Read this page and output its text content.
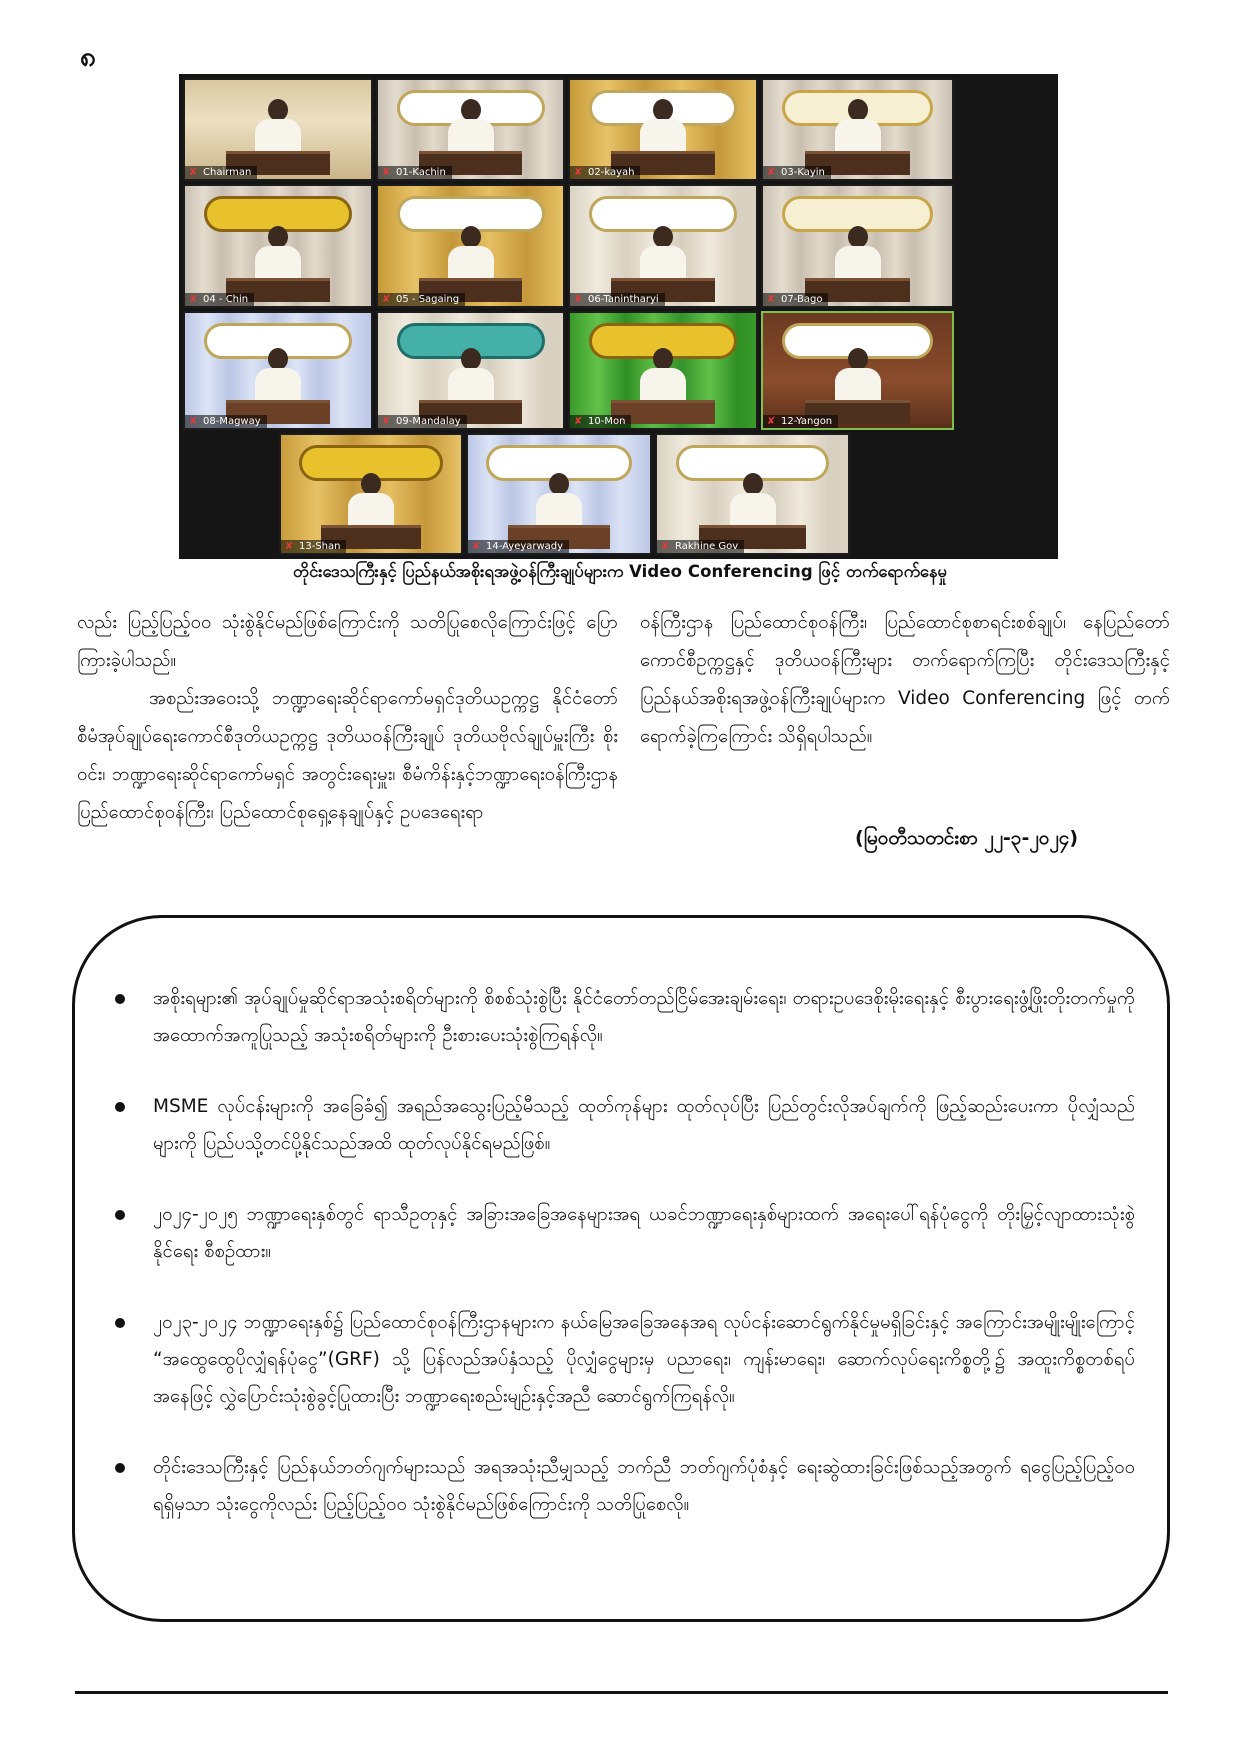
၈
✘ Chairman	✘ 01-Kachin	✘ 02-kayah	✘ 03-Kayin
✘ 04 - Chin	✘ 05 - Sagaing	✘ 06-Tanintharyi	✘ 07-Bago
✘ 08-Magway	✘ 09-Mandalay	✘ 10-Mon	✘ 12-Yangon
✘ 13-Shan	✘ 14-Ayeyarwady	✘ Rakhine Gov
တိုင်းဒေသကြီးနှင့် ပြည်နယ်အစိုးရအဖွဲ့ဝန်ကြီးချုပ်များက Video Conferencing ဖြင့် တက်ရောက်နေမှု

လည်း ပြည့်ပြည့်ဝဝ သုံးစွဲနိုင်မည်ဖြစ်ကြောင်းကို သတိပြုစေလိုကြောင်းဖြင့် ပြောကြားခဲ့ပါသည်။

အစည်းအဝေးသို့ ဘဏ္ဍာရေးဆိုင်ရာကော်မရှင်ဒုတိယဥက္ကဋ္ဌ နိုင်ငံတော်စီမံအုပ်ချုပ်ရေးကောင်စီဒုတိယဥက္ကဋ္ဌ ဒုတိယဝန်ကြီးချုပ် ဒုတိယဗိုလ်ချုပ်မှူးကြီး စိုးဝင်း၊ ဘဏ္ဍာရေးဆိုင်ရာကော်မရှင် အတွင်းရေးမှူး၊ စီမံကိန်းနှင့်ဘဏ္ဍာရေးဝန်ကြီးဌာန ပြည်ထောင်စုဝန်ကြီး၊ ပြည်ထောင်စုရှေ့နေချုပ်နှင့် ဥပဒေရေးရာ

ဝန်ကြီးဌာန ပြည်ထောင်စုဝန်ကြီး၊ ပြည်ထောင်စုစာရင်းစစ်ချုပ်၊ နေပြည်တော်ကောင်စီဥက္ကဋ္ဌနှင့် ဒုတိယဝန်ကြီးများ တက်ရောက်ကြပြီး တိုင်းဒေသကြီးနှင့် ပြည်နယ်အစိုးရအဖွဲ့ဝန်ကြီးချုပ်များက Video Conferencing ဖြင့် တက်ရောက်ခဲ့ကြကြောင်း သိရှိရပါသည်။

(မြဝတီသတင်းစာ ၂၂-၃-၂၀၂၄)
အစိုးရများ၏ အုပ်ချုပ်မှုဆိုင်ရာအသုံးစရိတ်များကို စိစစ်သုံးစွဲပြီး နိုင်ငံတော်တည်ငြိမ်အေးချမ်းရေး၊ တရားဥပဒေစိုးမိုးရေးနှင့် စီးပွားရေးဖွံ့ဖြိုးတိုးတက်မှုကို အထောက်အကူပြုသည့် အသုံးစရိတ်များကို ဦးစားပေးသုံးစွဲကြရန်လို။
MSME လုပ်ငန်းများကို အခြေခံ၍ အရည်အသွေးပြည့်မီသည့် ထုတ်ကုန်များ ထုတ်လုပ်ပြီး ပြည်တွင်းလိုအပ်ချက်ကို ဖြည့်ဆည်းပေးကာ ပိုလျှံသည်များကို ပြည်ပသို့တင်ပို့နိုင်သည်အထိ ထုတ်လုပ်နိုင်ရမည်ဖြစ်။
၂၀၂၄-၂၀၂၅ ဘဏ္ဍာရေးနှစ်တွင် ရာသီဥတုနှင့် အခြားအခြေအနေများအရ ယခင်ဘဏ္ဍာရေးနှစ်များထက် အရေးပေါ်ရန်ပုံငွေကို တိုးမြှင့်လျာထားသုံးစွဲနိုင်ရေး စီစဉ်ထား။
၂၀၂၃-၂၀၂၄ ဘဏ္ဍာရေးနှစ်၌ ပြည်ထောင်စုဝန်ကြီးဌာနများက နယ်မြေအခြေအနေအရ လုပ်ငန်းဆောင်ရွက်နိုင်မှုမရှိခြင်းနှင့် အကြောင်းအမျိုးမျိုးကြောင့် “အထွေထွေပိုလျှံရန်ပုံငွေ”(GRF) သို့ ပြန်လည်အပ်နှံသည့် ပိုလျှံငွေများမှ ပညာရေး၊ ကျန်းမာရေး၊ ဆောက်လုပ်ရေးကိစ္စတို့၌ အထူးကိစ္စတစ်ရပ်အနေဖြင့် လွှဲပြောင်းသုံးစွဲခွင့်ပြုထားပြီး ဘဏ္ဍာရေးစည်းမျဉ်းနှင့်အညီ ဆောင်ရွက်ကြရန်လို။
တိုင်းဒေသကြီးနှင့် ပြည်နယ်ဘတ်ဂျက်များသည် အရအသုံးညီမျှသည့် ဘက်ညီ ဘတ်ဂျက်ပုံစံနှင့် ရေးဆွဲထားခြင်းဖြစ်သည့်အတွက် ရငွေပြည့်ပြည့်ဝဝရရှိမှသာ သုံးငွေကိုလည်း ပြည့်ပြည့်ဝဝ သုံးစွဲနိုင်မည်ဖြစ်ကြောင်းကို သတိပြုစေလို။
